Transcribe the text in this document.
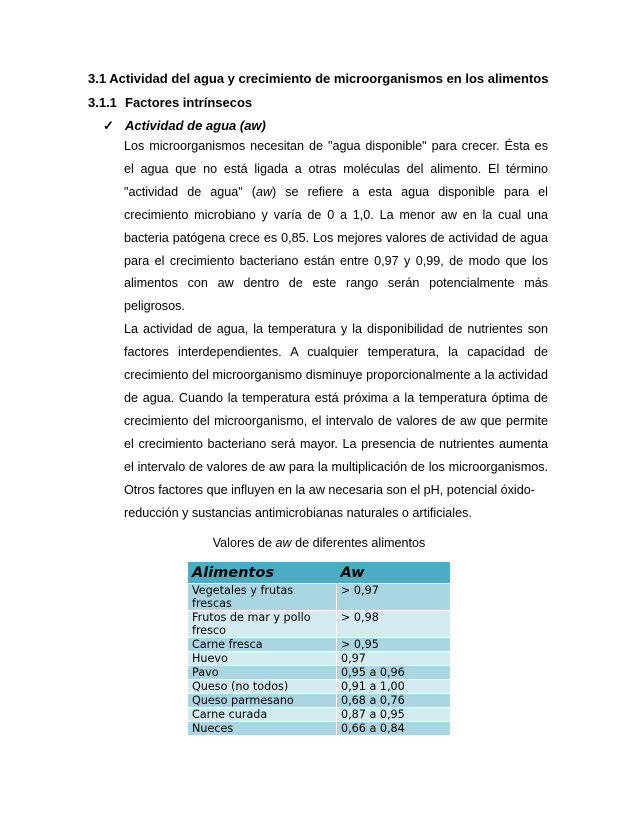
3.1 Actividad del agua y crecimiento de microorganismos en los alimentos
3.1.1 Factores intrínsecos
✓ Actividad de agua (aw)

Los microorganismos necesitan de "agua disponible" para crecer. Ésta es el agua que no está ligada a otras moléculas del alimento. El término "actividad de agua" (aw) se refiere a esta agua disponible para el crecimiento microbiano y varía de 0 a 1,0. La menor aw en la cual una bacteria patógena crece es 0,85. Los mejores valores de actividad de agua para el crecimiento bacteriano están entre 0,97 y 0,99, de modo que los alimentos con aw dentro de este rango serán potencialmente más peligrosos.

La actividad de agua, la temperatura y la disponibilidad de nutrientes son factores interdependientes. A cualquier temperatura, la capacidad de crecimiento del microorganismo disminuye proporcionalmente a la actividad de agua. Cuando la temperatura está próxima a la temperatura óptima de crecimiento del microorganismo, el intervalo de valores de aw que permite el crecimiento bacteriano será mayor. La presencia de nutrientes aumenta el intervalo de valores de aw para la multiplicación de los microorganismos. Otros factores que influyen en la aw necesaria son el pH, potencial óxido-

reducción y sustancias antimicrobianas naturales o artificiales.

Valores de aw de diferentes alimentos
Alimentos	Aw
Vegetales y frutas frescas	> 0,97
Frutos de mar y pollo fresco	> 0,98
Carne fresca	> 0,95
Huevo	0,97
Pavo	0,95 a 0,96
Queso (no todos)	0,91 a 1,00
Queso parmesano	0,68 a 0,76
Carne curada	0,87 a 0,95
Nueces	0,66 a 0,84
